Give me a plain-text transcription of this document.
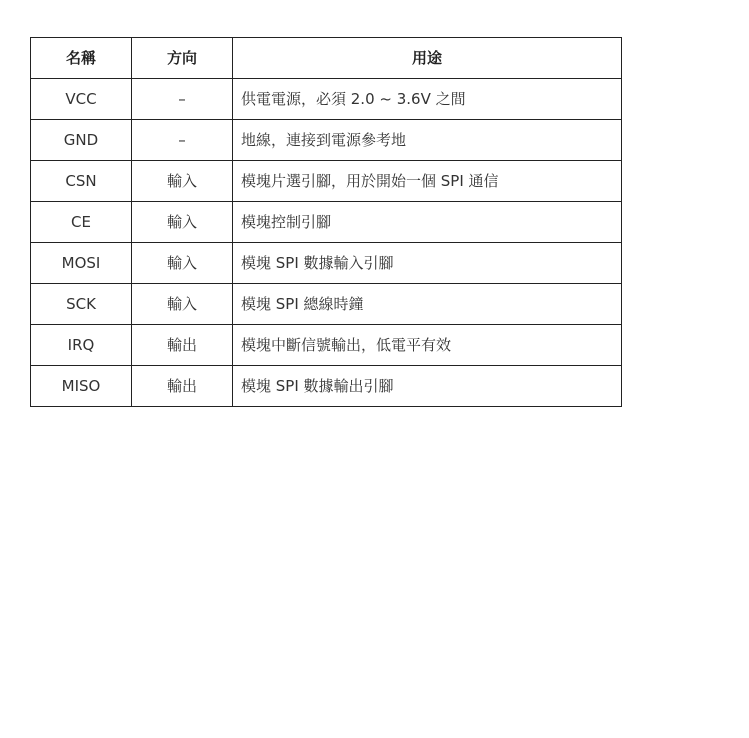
名稱	方向	用途
VCC	–	供電電源，必須 2.0 ~ 3.6V 之間
GND	–	地線，連接到電源參考地
CSN	輸入	模塊片選引腳，用於開始一個 SPI 通信
CE	輸入	模塊控制引腳
MOSI	輸入	模塊 SPI 數據輸入引腳
SCK	輸入	模塊 SPI 總線時鐘
IRQ	輸出	模塊中斷信號輸出，低電平有效
MISO	輸出	模塊 SPI 數據輸出引腳
